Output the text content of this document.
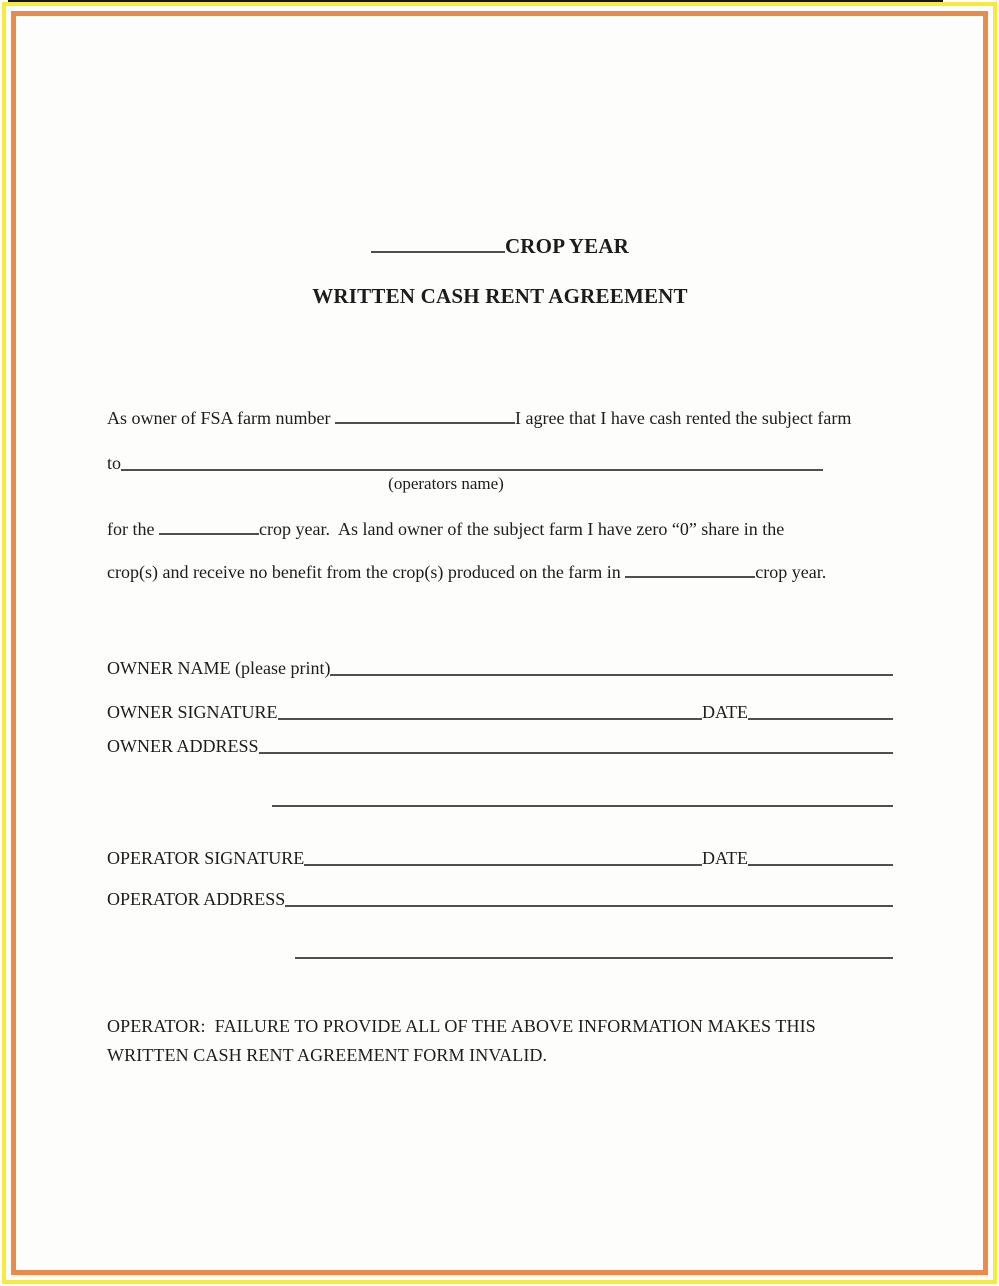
CROP YEAR
WRITTEN CASH RENT AGREEMENT
As owner of FSA farm number	I agree that I have cash rented the subject farm
to
(operators name)
for the	crop year.  As land owner of the subject farm I have zero “0” share in the
crop(s) and receive no benefit from the crop(s) produced on the farm in	crop year.
OWNER NAME (please print)
OWNER SIGNATURE	DATE
OWNER ADDRESS
OPERATOR SIGNATURE	DATE
OPERATOR ADDRESS
OPERATOR:  FAILURE TO PROVIDE ALL OF THE ABOVE INFORMATION MAKES THIS
WRITTEN CASH RENT AGREEMENT FORM INVALID.
